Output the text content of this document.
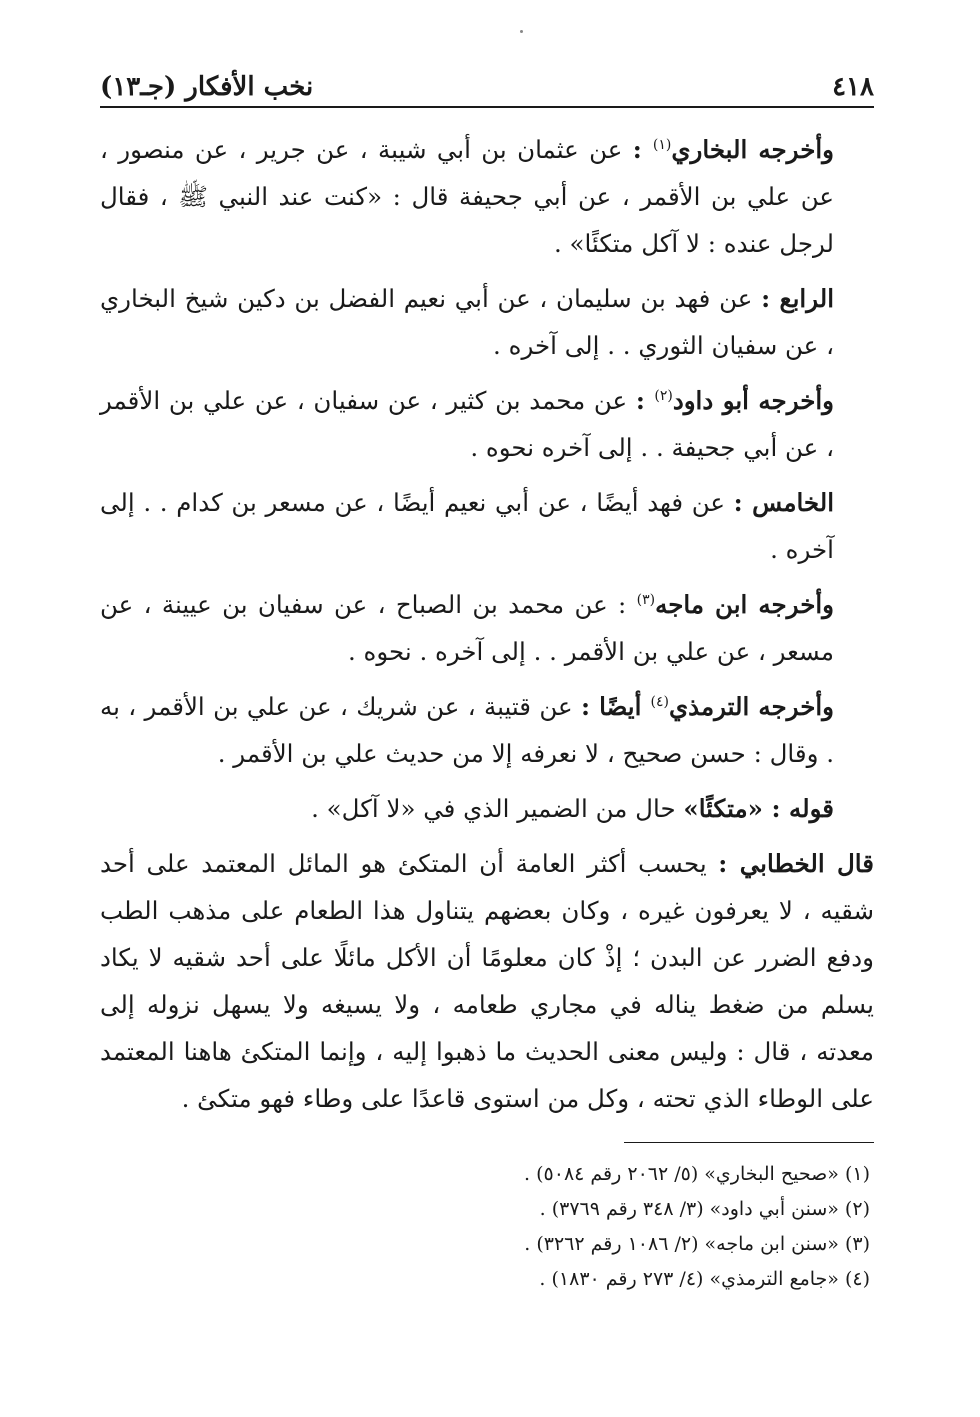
٤١٨
نخب الأفكار (جـ١٣)

وأخرجه البخاري$^{(١)}$ : عن عثمان بن أبي شيبة ، عن جرير ، عن منصور ، عن علي بن الأقمر ، عن أبي جحيفة قال : «كنت عند النبي ﷺ ، فقال لرجل عنده : لا آكل متكئًا» .

الرابع : عن فهد بن سليمان ، عن أبي نعيم الفضل بن دكين شيخ البخاري ، عن سفيان الثوري . . إلى آخره .

وأخرجه أبو داود$^{(٢)}$ : عن محمد بن كثير ، عن سفيان ، عن علي بن الأقمر ، عن أبي جحيفة . . إلى آخره نحوه .

الخامس : عن فهد أيضًا ، عن أبي نعيم أيضًا ، عن مسعر بن كدام . . إلى آخره .

وأخرجه ابن ماجه$^{(٣)}$ : عن محمد بن الصباح ، عن سفيان بن عيينة ، عن مسعر ، عن علي بن الأقمر . . إلى آخره . نحوه .

وأخرجه الترمذي$^{(٤)}$ أيضًا : عن قتيبة ، عن شريك ، عن علي بن الأقمر ، به . وقال : حسن صحيح ، لا نعرفه إلا من حديث علي بن الأقمر .

قوله : «متكئًا» حال من الضمير الذي في «لا آكل» .

قال الخطابي : يحسب أكثر العامة أن المتكئ هو المائل المعتمد على أحد شقيه ، لا يعرفون غيره ، وكان بعضهم يتناول هذا الطعام على مذهب الطب ودفع الضرر عن البدن ؛ إذْ كان معلومًا أن الأكل مائلًا على أحد شقيه لا يكاد يسلم من ضغط يناله في مجاري طعامه ، ولا يسيغه ولا يسهل نزوله إلى معدته ، قال : وليس معنى الحديث ما ذهبوا إليه ، وإنما المتكئ هاهنا المعتمد على الوطاء الذي تحته ، وكل من استوى قاعدًا على وطاء فهو متكئ .

(١) «صحيح البخاري» (٥/ ٢٠٦٢ رقم ٥٠٨٤) .

(٢) «سنن أبي داود» (٣/ ٣٤٨ رقم ٣٧٦٩) .

(٣) «سنن ابن ماجه» (٢/ ١٠٨٦ رقم ٣٢٦٢) .

(٤) «جامع الترمذي» (٤/ ٢٧٣ رقم ١٨٣٠) .
